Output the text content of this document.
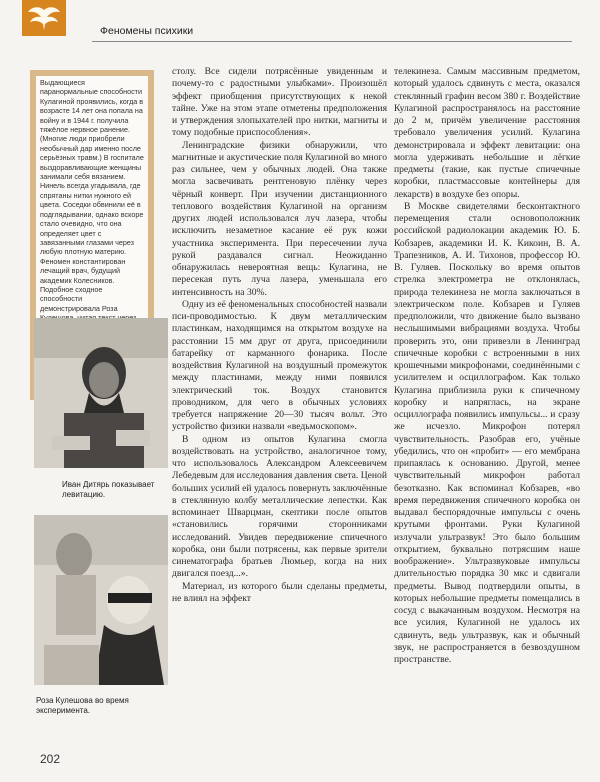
Феномены психики
Выдающиеся паранормальные способности Кулагиной проявились, когда в возрасте 14 лет она попала на войну и в 1944 г. получила тяжёлое нервное ранение. (Многие люди приобрели необычный дар именно после серьёзных травм.) В госпитале выздоравливающие женщины занимали себя вязанием. Нинель всегда угадывала, где спрятаны нитки нужного ей цвета. Соседки обвинили её в подглядывании, однако вскоре стало очевидно, что она определяет цвет с завязанными глазами через любую плотную материю. Феномен константирован лечащий врач, будущий академик Колесников. Подобное сходное способности демонстрировала Роза
Иван Дитярь показывает левитацию.
Роза Кулешова во время эксперимента.

столу. Все сидели потрясённые увиденным и почему-то с радостными улыбками». Произошёл эффект приобщения присутствующих к некой тайне. Уже на этом этапе отметены предположения и утверждения злопыхателей про нитки, магниты и тому подобные приспособления».

Ленинградские физики обнаружили, что магнитные и акустические поля Кулагиной во много раз сильнее, чем у обычных людей. Она также могла засвечивать рентгеновую плёнку через чёрный конверт. При изучении дистанционного теплового воздействия Кулагиной на организм других людей использовался луч лазера, чтобы исключить незаметное касание её рук кожи участника эксперимента. При пересечении луча рукой раздавался сигнал. Неожиданно обнаружилась невероятная вещь: Кулагина, не пересекая путь луча лазера, уменьшала его интенсивность на 30%.

Одну из её феноменальных способностей назвали пси-проводимостью. К двум металлическим пластинкам, находящимся на открытом воздухе на расстоянии 15 мм друг от друга, присоединили батарейку от карманного фонарика. После воздействия Кулагиной на воздушный промежуток между пластинами, между ними появился электрический ток. Воздух становится проводником, для чего в обычных условиях требуется напряжение 20—30 тысяч вольт. Это устройство физики назвали «ведьмоскопом».

В одном из опытов Кулагина смогла воздействовать на устройство, аналогичное тому, что использовалось Александром Алексеевичем Лебедевым для исследования давления света. Ценой больших усилий ей удалось повернуть заключённые в стеклянную колбу металлические лепестки. Как вспоминает Шварцман, скептики после опытов «становились горячими сторонниками исследований. Увидев передвижение спичечного коробка, они были потрясены, как первые зрители синематографа братьев Люмьер, когда на них двигался поезд...».

Материал, из которого были сделаны предметы, не влиял на эффект

телекинеза. Самым массивным предметом, который удалось сдвинуть с места, оказался стеклянный графин весом 380 г. Воздействие Кулагиной распространялось на расстояние до 2 м, причём увеличение расстояния требовало увеличения усилий. Кулагина демонстрировала и эффект левитации: она могла удерживать небольшие и лёгкие предметы (такие, как пустые спичечные коробки, пластмассовые контейнеры для лекарств) в воздухе без опоры.

В Москве свидетелями бесконтактного перемещения стали основоположник российской радиолокации академик Ю. Б. Кобзарев, академики И. К. Кикоин, В. А. Трапезников, А. И. Тихонов, профессор Ю. В. Гуляев. Поскольку во время опытов стрелка электрометра не отклонялась, природа телекинеза не могла заключаться в электрическом поле. Кобзарев и Гуляев предположили, что движение было вызвано неслышимыми вибрациями воздуха. Чтобы проверить это, они привезли в Ленинград спичечные коробки с встроенными в них крошечными микрофонами, соединёнными с усилителем и осциллографом. Как только Кулагина приблизила руки к спичечному коробку и напряглась, на экране осциллографа появились импульсы... и сразу же исчезло. Микрофон потерял чувствительность. Разобрав его, учёные убедились, что он «пробит» — его мембрана припаялась к основанию. Другой, менее чувствительный микрофон работал безотказно. Как вспоминал Кобзарев, «во время передвижения спичечного коробка он выдавал беспорядочные импульсы с очень крутыми фронтами. Руки Кулагиной излучали ультразвук! Это было большим открытием, буквально потрясшим наше воображение». Ультразвуковые импульсы длительностью порядка 30 мкс и сдвигали предметы. Вывод подтвердили опыты, в которых небольшие предметы помещались в сосуд с выкачанным воздухом. Несмотря на все усилия, Кулагиной не удалось их сдвинуть, ведь ультразвук, как и обычный звук, не распространяется в безвоздушном пространстве.

202
